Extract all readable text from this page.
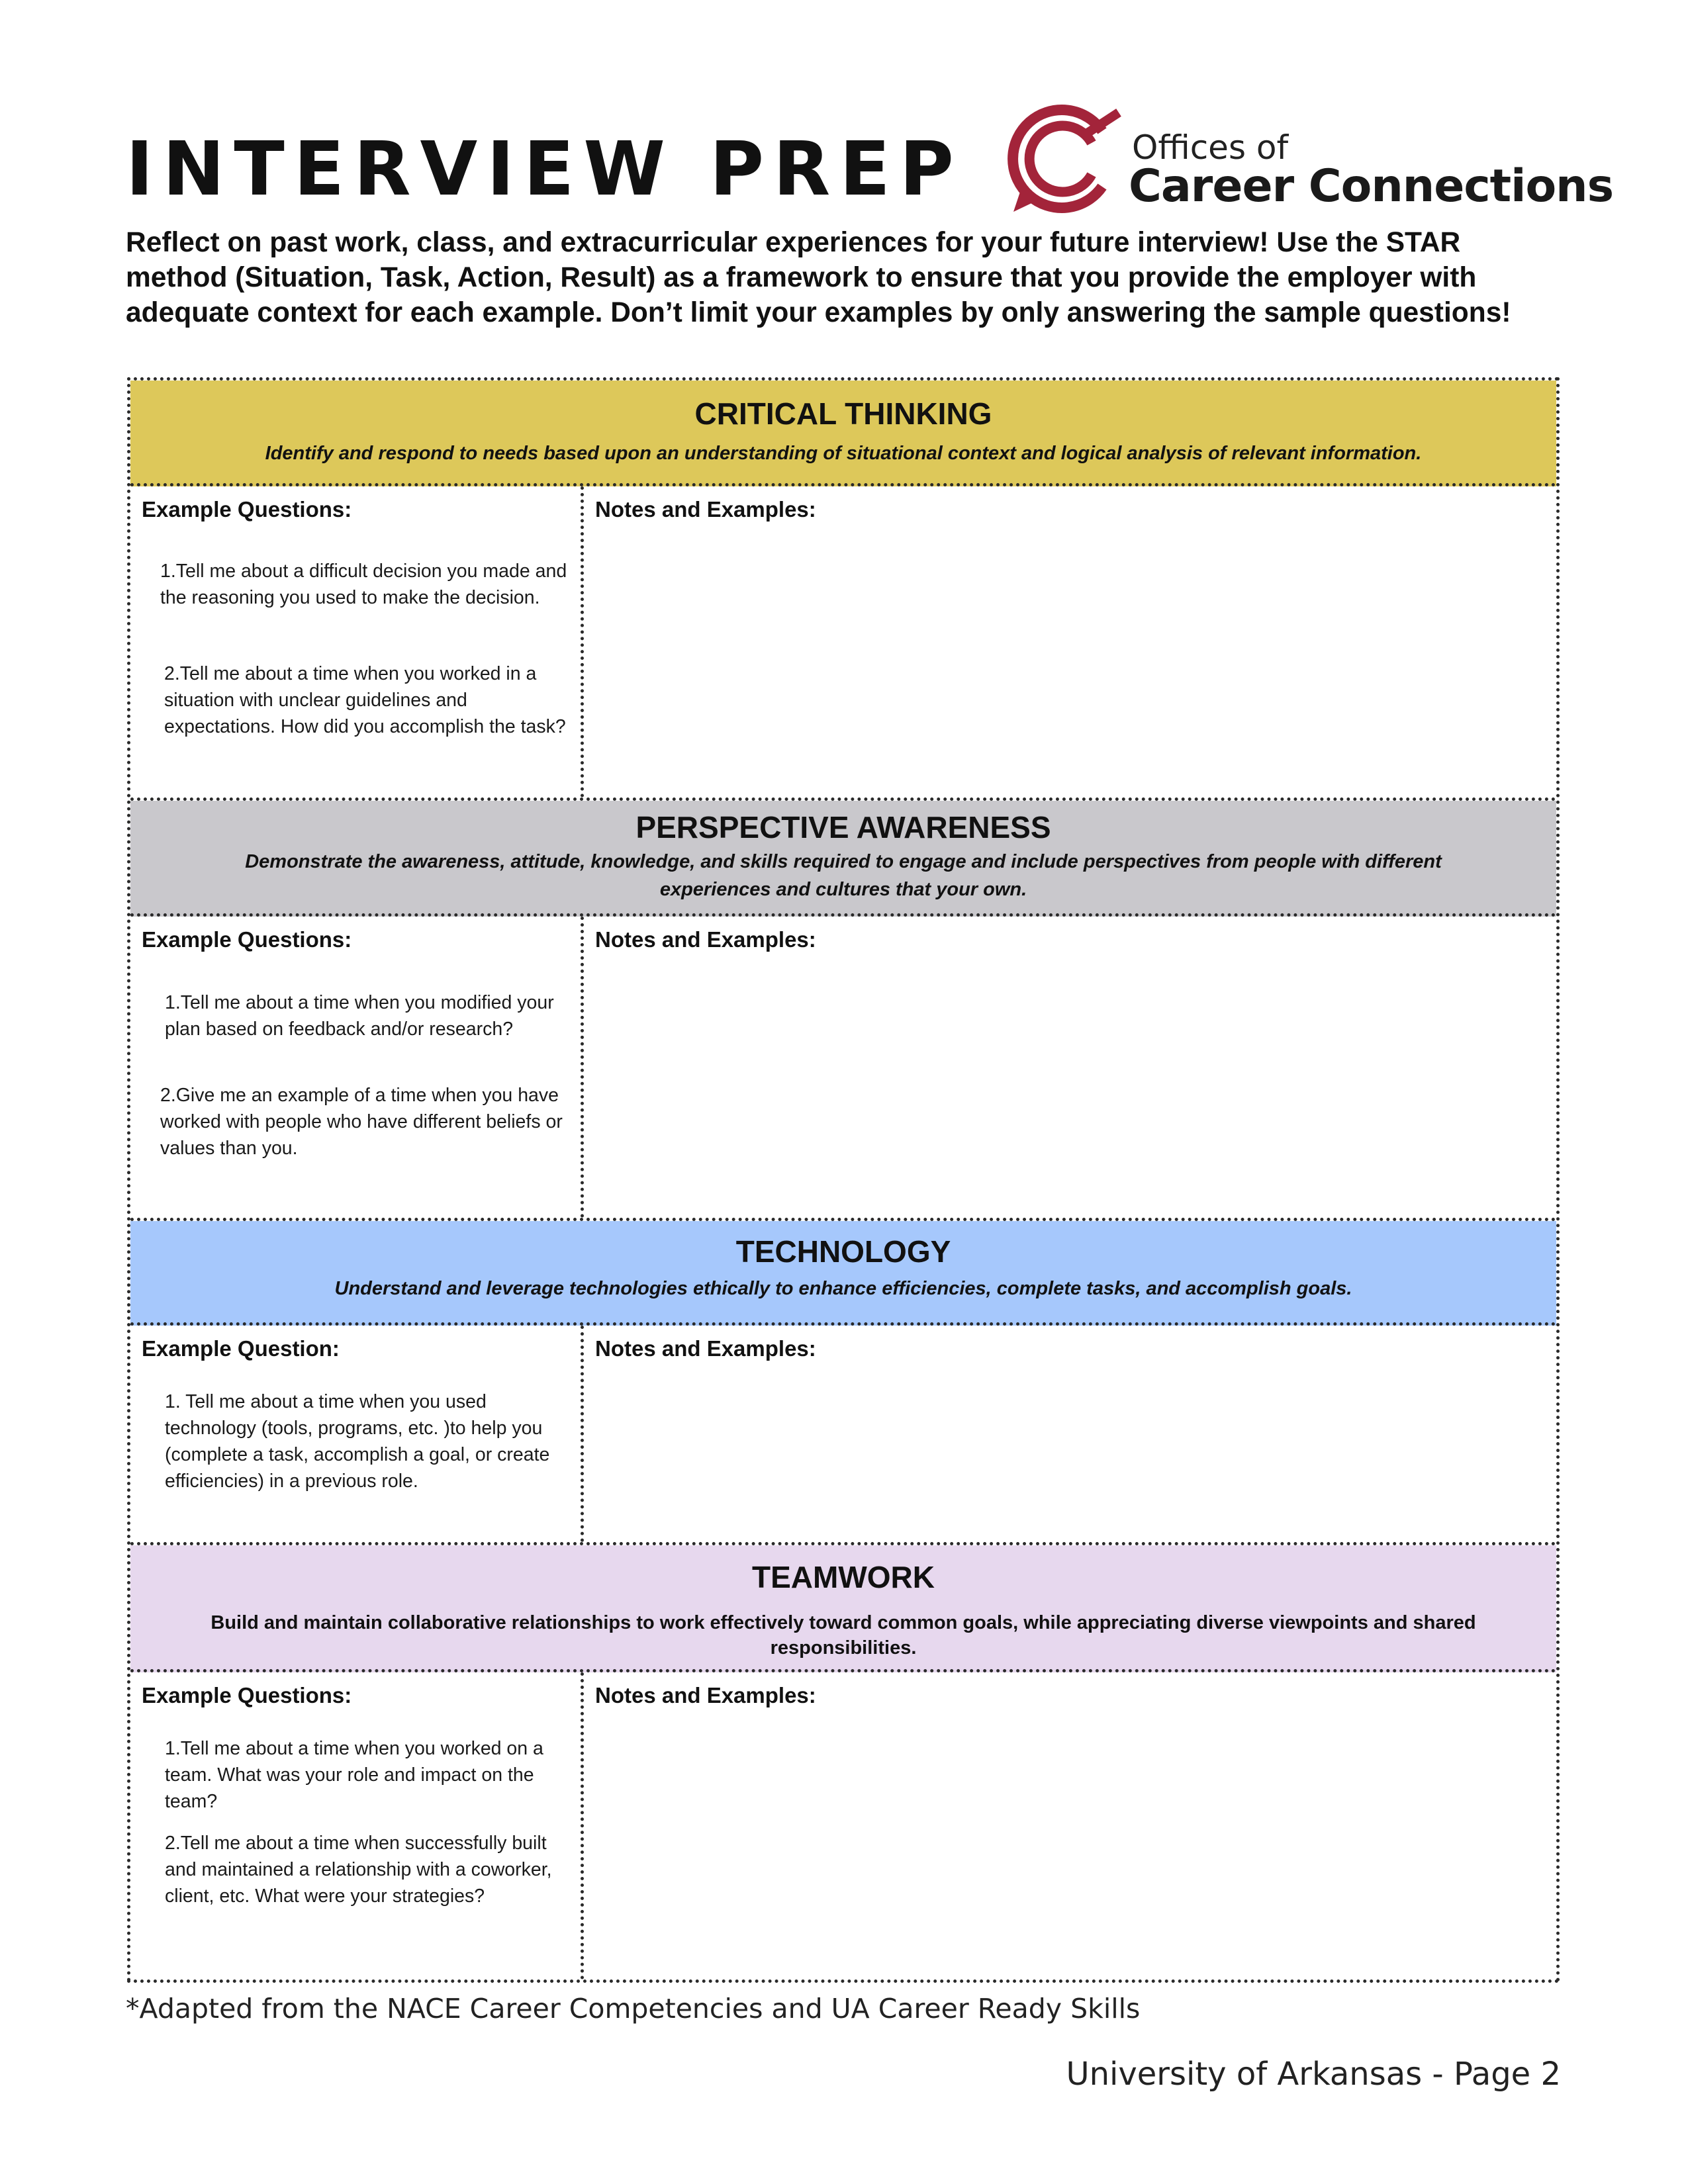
INTERVIEW PREP	Offices of
Career Connections

Reflect on past work, class, and extracurricular experiences for your future interview! Use the STAR method (Situation, Task, Action, Result) as a framework to ensure that you provide the employer with adequate context for each example. Don’t limit your examples by only answering the sample questions!

CRITICAL THINKING
Identify and respond to needs based upon an understanding of situational context and logical analysis of relevant information.
Example Questions:
1.Tell me about a difficult decision you made and the reasoning you used to make the decision.
2.Tell me about a time when you worked in a situation with unclear guidelines and expectations. How did you accomplish the task?
Notes and Examples:
PERSPECTIVE AWARENESS
Demonstrate the awareness, attitude, knowledge, and skills required to engage and include perspectives from people with different experiences and cultures that your own.
Example Questions:
1.Tell me about a time when you modified your plan based on feedback and/or research?
2.Give me an example of a time when you have worked with people who have different beliefs or values than you.
Notes and Examples:
TECHNOLOGY
Understand and leverage technologies ethically to enhance efficiencies, complete tasks, and accomplish goals.
Example Question:
1. Tell me about a time when you used technology (tools, programs, etc. )to help you (complete a task, accomplish a goal, or create efficiencies) in a previous role.
Notes and Examples:
TEAMWORK
Build and maintain collaborative relationships to work effectively toward common goals, while appreciating diverse viewpoints and shared responsibilities.
Example Questions:
1.Tell me about a time when you worked on a team. What was your role and impact on the team?
2.Tell me about a time when successfully built and maintained a relationship with a coworker, client, etc. What were your strategies?
Notes and Examples:
*Adapted from the NACE Career Competencies and UA Career Ready Skills
University of Arkansas - Page 2
